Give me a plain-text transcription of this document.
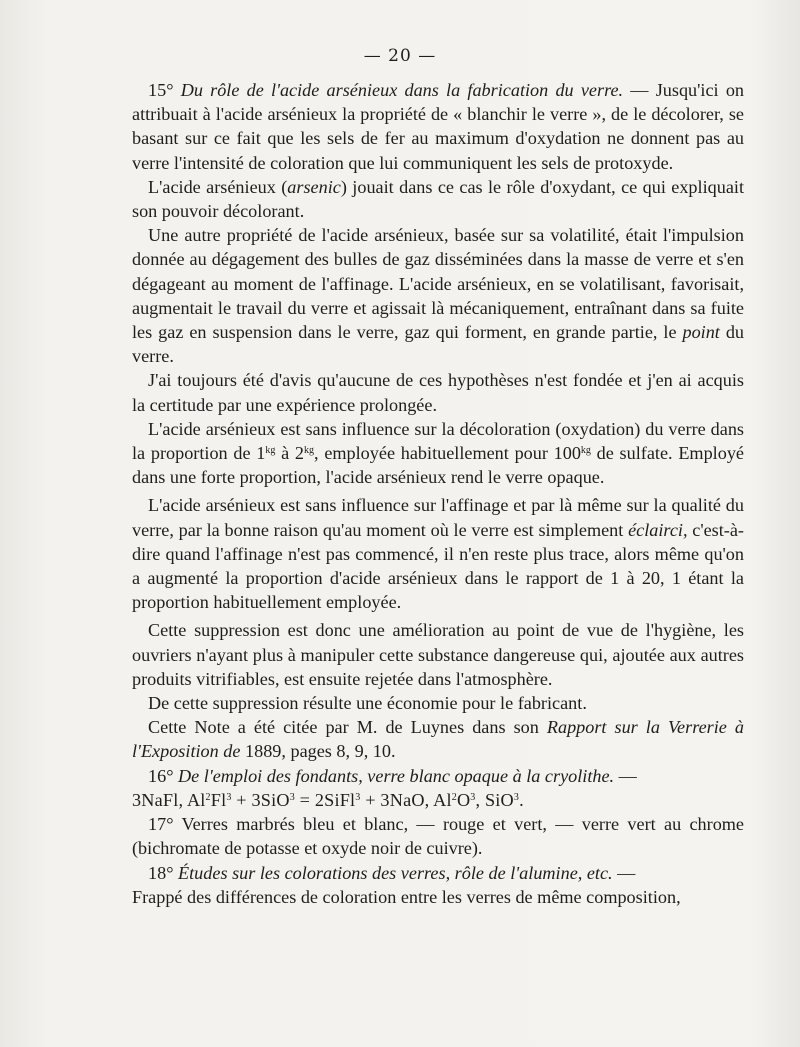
— 20 —

15° Du rôle de l'acide arsénieux dans la fabrication du verre. — Jusqu'ici on attribuait à l'acide arsénieux la propriété de « blanchir le verre », de le décolorer, se basant sur ce fait que les sels de fer au maximum d'oxydation ne donnent pas au verre l'intensité de coloration que lui communiquent les sels de protoxyde.

L'acide arsénieux (arsenic) jouait dans ce cas le rôle d'oxydant, ce qui expliquait son pouvoir décolorant.

Une autre propriété de l'acide arsénieux, basée sur sa volatilité, était l'impulsion donnée au dégagement des bulles de gaz disséminées dans la masse de verre et s'en dégageant au moment de l'affinage. L'acide arsénieux, en se volatilisant, favorisait, augmentait le travail du verre et agissait là mécaniquement, entraînant dans sa fuite les gaz en suspension dans le verre, gaz qui forment, en grande partie, le point du verre.

J'ai toujours été d'avis qu'aucune de ces hypothèses n'est fondée et j'en ai acquis la certitude par une expérience prolongée.

L'acide arsénieux est sans influence sur la décoloration (oxydation) du verre dans la proportion de $1^{kg}$ à $2^{kg}$, employée habituellement pour $100^{kg}$ de sulfate. Employé dans une forte proportion, l'acide arsénieux rend le verre opaque.

L'acide arsénieux est sans influence sur l'affinage et par là même sur la qualité du verre, par la bonne raison qu'au moment où le verre est simplement éclairci, c'est-à-dire quand l'affinage n'est pas commencé, il n'en reste plus trace, alors même qu'on a augmenté la proportion d'acide arsénieux dans le rapport de 1 à 20, 1 étant la proportion habituellement employée.

Cette suppression est donc une amélioration au point de vue de l'hygiène, les ouvriers n'ayant plus à manipuler cette substance dangereuse qui, ajoutée aux autres produits vitrifiables, est ensuite rejetée dans l'atmosphère.

De cette suppression résulte une économie pour le fabricant.

Cette Note a été citée par M. de Luynes dans son Rapport sur la Verrerie à l'Exposition de 1889, pages 8, 9, 10.

16° De l'emploi des fondants, verre blanc opaque à la cryolithe. —

3NaFl, $Al^2Fl^3 + 3SiO^3$ = 2SiFl$^3$ + 3NaO, $Al^2O^3$, SiO$^3$.

17° Verres marbrés bleu et blanc, — rouge et vert, — verre vert au chrome (bichromate de potasse et oxyde noir de cuivre).

18° Études sur les colorations des verres, rôle de l'alumine, etc. —

Frappé des différences de coloration entre les verres de même composition,
